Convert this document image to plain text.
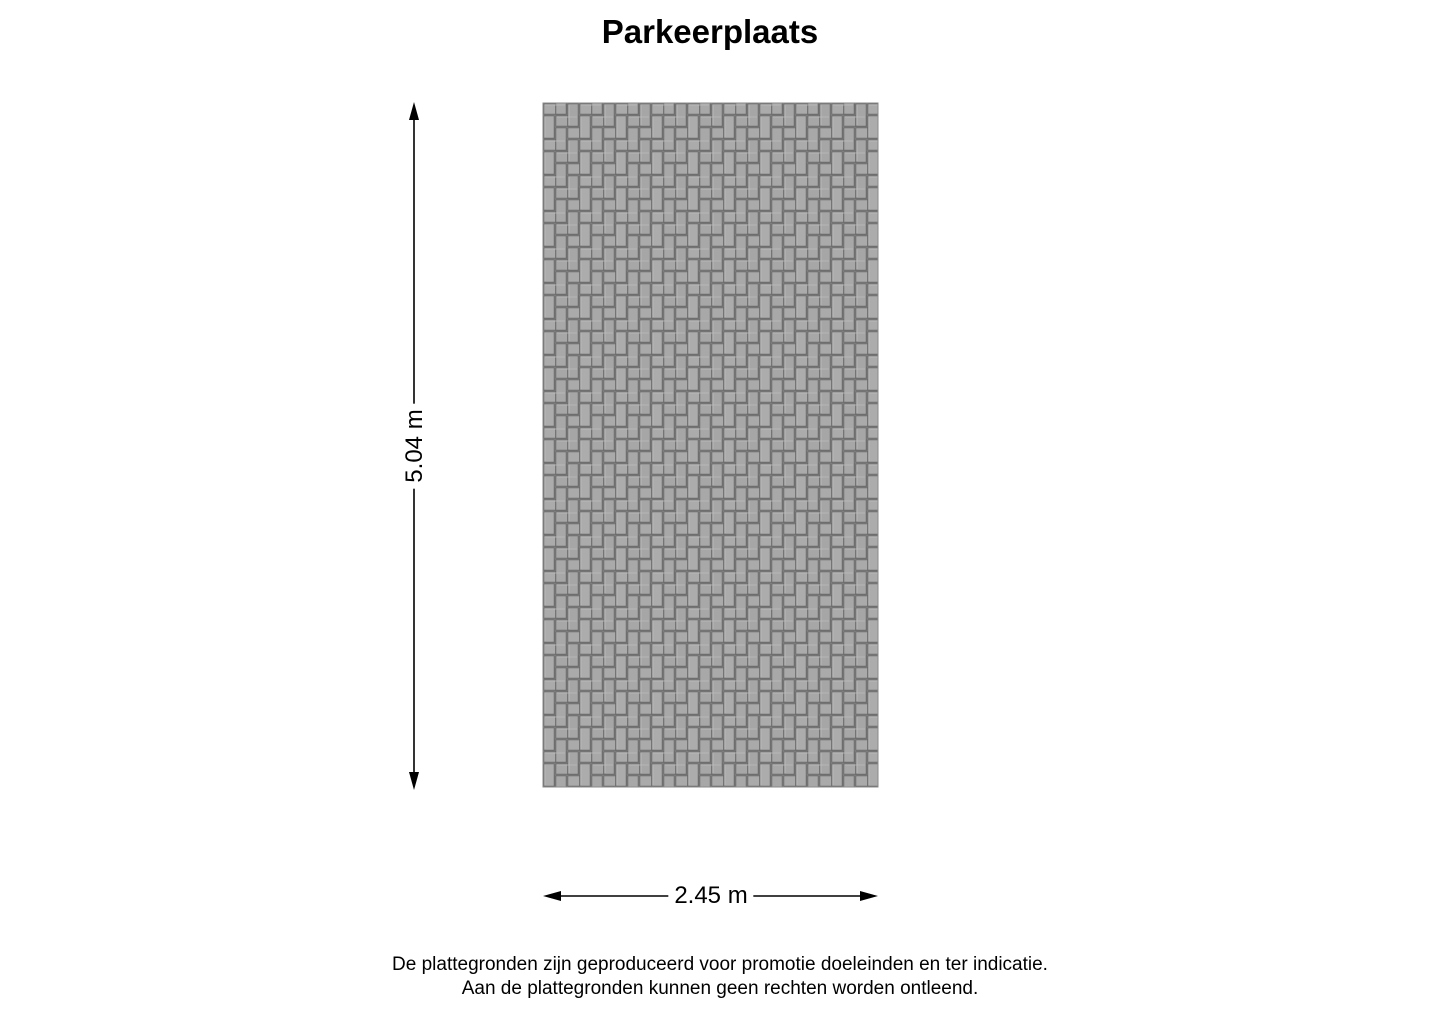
Parkeerplaats
5.04 m
2.45 m
De plattegronden zijn geproduceerd voor promotie doeleinden en ter indicatie.
Aan de plattegronden kunnen geen rechten worden ontleend.
